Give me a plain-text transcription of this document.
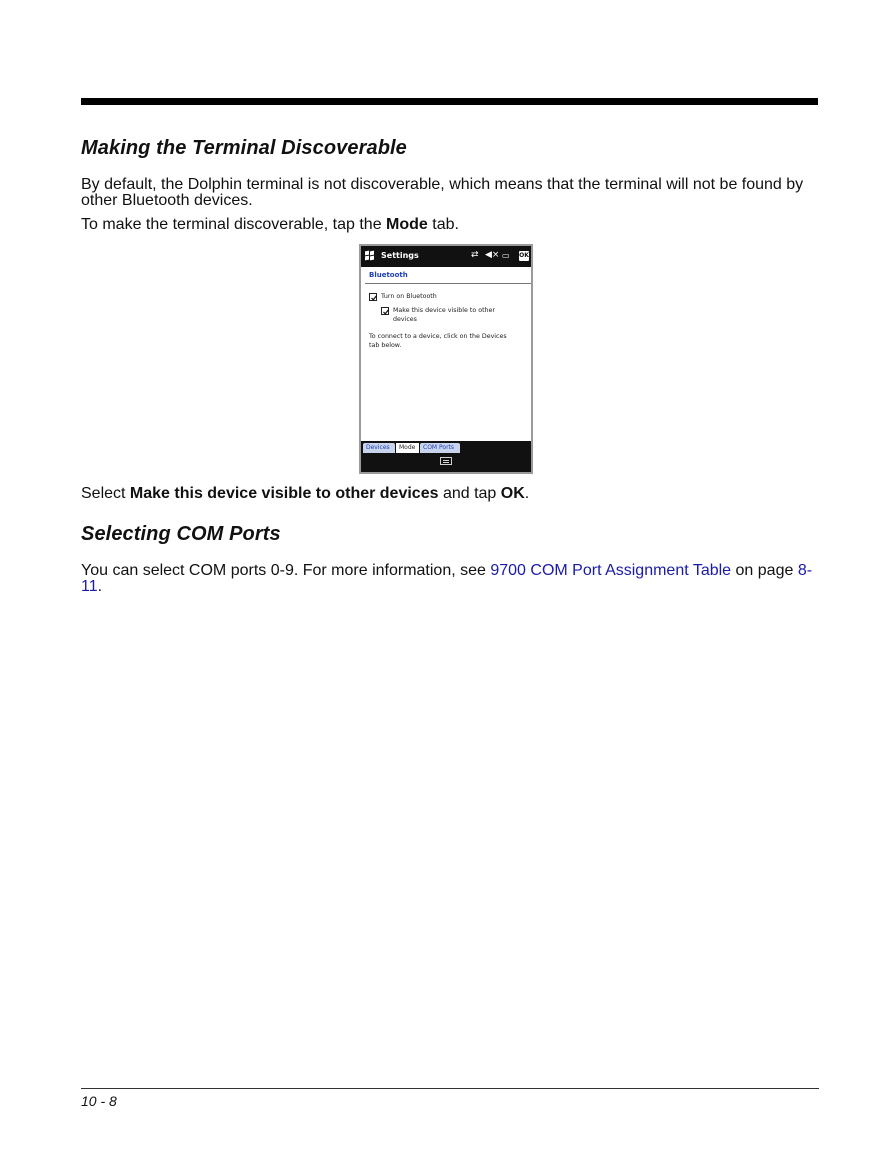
Making the Terminal Discoverable

By default, the Dolphin terminal is not discoverable, which means that the terminal will not be found by other Bluetooth devices.

To make the terminal discoverable, tap the Mode tab.

Settings	⇄ ◀× ▭ OK
Bluetooth
Turn on Bluetooth
Make this device visible to other
devices
To connect to a device, click on the Devices
tab below.
Devices	Mode	COM Ports

Select Make this device visible to other devices and tap OK.

Selecting COM Ports

You can select COM ports 0-9. For more information, see 9700 COM Port Assignment Table on page 8-
11.

10 - 8
